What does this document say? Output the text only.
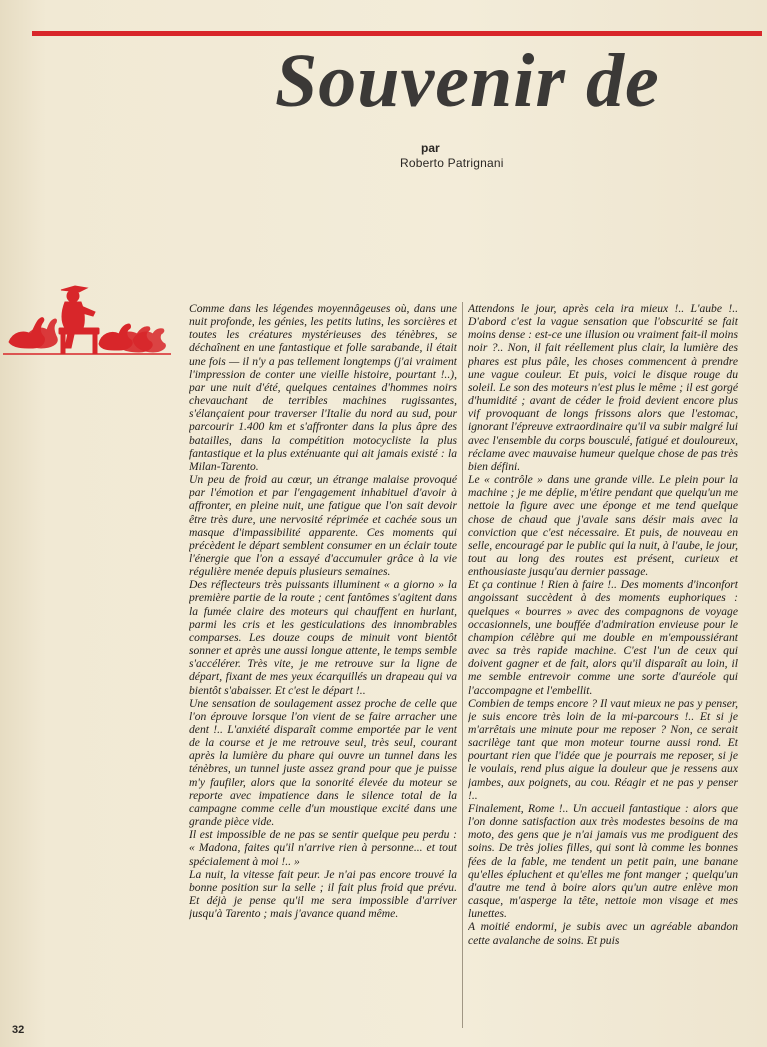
Souvenir de
par
Roberto Patrignani

Comme dans les légendes moyennâgeuses où, dans une nuit profonde, les génies, les petits lutins, les sorcières et toutes les créatures mystérieuses des ténèbres, se déchaînent en une fantastique et folle sarabande, il était une fois — il n'y a pas tellement longtemps (j'ai vraiment l'impression de conter une vieille histoire, pourtant !..), par une nuit d'été, quelques centaines d'hommes noirs chevauchant de terribles machines rugissantes, s'élançaient pour traverser l'Italie du nord au sud, pour parcourir 1.400 km et s'affronter dans la plus âpre des batailles, dans la compétition motocycliste la plus fantastique et la plus exténuante qui ait jamais existé : la Milan-Tarento.

Un peu de froid au cœur, un étrange malaise provoqué par l'émotion et par l'engagement inhabituel d'avoir à affronter, en pleine nuit, une fatigue que l'on sait devoir être très dure, une nervosité réprimée et cachée sous un masque d'impassibilité apparente. Ces moments qui précèdent le départ semblent consumer en un éclair toute l'énergie que l'on a essayé d'accumuler grâce à la vie régulière menée depuis plusieurs semaines.

Des réflecteurs très puissants illuminent « a giorno » la première partie de la route ; cent fantômes s'agitent dans la fumée claire des moteurs qui chauffent en hurlant, parmi les cris et les gesticulations des innombrables comparses. Les douze coups de minuit vont bientôt sonner et après une aussi longue attente, le temps semble s'accélérer. Très vite, je me retrouve sur la ligne de départ, fixant de mes yeux écarquillés un drapeau qui va bientôt s'abaisser. Et c'est le départ !..

Une sensation de soulagement assez proche de celle que l'on éprouve lorsque l'on vient de se faire arracher une dent !.. L'anxiété disparaît comme emportée par le vent de la course et je me retrouve seul, très seul, courant après la lumière du phare qui ouvre un tunnel dans les ténèbres, un tunnel juste assez grand pour que je puisse m'y faufiler, alors que la sonorité élevée du moteur se reporte avec impatience dans le silence total de la campagne comme celle d'un moustique excité dans une grande pièce vide.

Il est impossible de ne pas se sentir quelque peu perdu : « Madona, faites qu'il n'arrive rien à personne... et tout spécialement à moi !.. »

La nuit, la vitesse fait peur. Je n'ai pas encore trouvé la bonne position sur la selle ; il fait plus froid que prévu. Et déjà je pense qu'il me sera impossible d'arriver jusqu'à Tarento ; mais j'avance quand même.

Attendons le jour, après cela ira mieux !.. L'aube !.. D'abord c'est la vague sensation que l'obscurité se fait moins dense : est-ce une illusion ou vraiment fait-il moins noir ?.. Non, il fait réellement plus clair, la lumière des phares est plus pâle, les choses commencent à prendre une vague couleur. Et puis, voici le disque rouge du soleil. Le son des moteurs n'est plus le même ; il est gorgé d'humidité ; avant de céder le froid devient encore plus vif provoquant de longs frissons alors que l'estomac, ignorant l'épreuve extraordinaire qu'il va subir malgré lui avec l'ensemble du corps bousculé, fatigué et douloureux, réclame avec mauvaise humeur quelque chose de pas très bien défini.

Le « contrôle » dans une grande ville. Le plein pour la machine ; je me déplie, m'étire pendant que quelqu'un me nettoie la figure avec une éponge et me tend quelque chose de chaud que j'avale sans désir mais avec la conviction que c'est nécessaire. Et puis, de nouveau en selle, encouragé par le public qui la nuit, à l'aube, le jour, tout au long des routes est présent, curieux et enthousiaste jusqu'au dernier passage.

Et ça continue ! Rien à faire !.. Des moments d'inconfort angoissant succèdent à des moments euphoriques : quelques « bourres » avec des compagnons de voyage occasionnels, une bouffée d'admiration envieuse pour le champion célèbre qui me double en m'empoussiérant avec sa très rapide machine. C'est l'un de ceux qui doivent gagner et de fait, alors qu'il disparaît au loin, il me semble entrevoir comme une sorte d'auréole qui l'accompagne et l'embellit.

Combien de temps encore ? Il vaut mieux ne pas y penser, je suis encore très loin de la mi-parcours !.. Et si je m'arrêtais une minute pour me reposer ? Non, ce serait sacrilège tant que mon moteur tourne aussi rond. Et pourtant rien que l'idée que je pourrais me reposer, si je le voulais, rend plus aigue la douleur que je ressens aux jambes, aux poignets, au cou. Réagir et ne pas y penser !..

Finalement, Rome !.. Un accueil fantastique : alors que l'on donne satisfaction aux très modestes besoins de ma moto, des gens que je n'ai jamais vus me prodiguent des soins. De très jolies filles, qui sont là comme les bonnes fées de la fable, me tendent un petit pain, une banane qu'elles épluchent et qu'elles me font manger ; quelqu'un d'autre me tend à boire alors qu'un autre enlève mon casque, m'asperge la tête, nettoie mon visage et mes lunettes.

A moitié endormi, je subis avec un agréable abandon cette avalanche de soins. Et puis

32
